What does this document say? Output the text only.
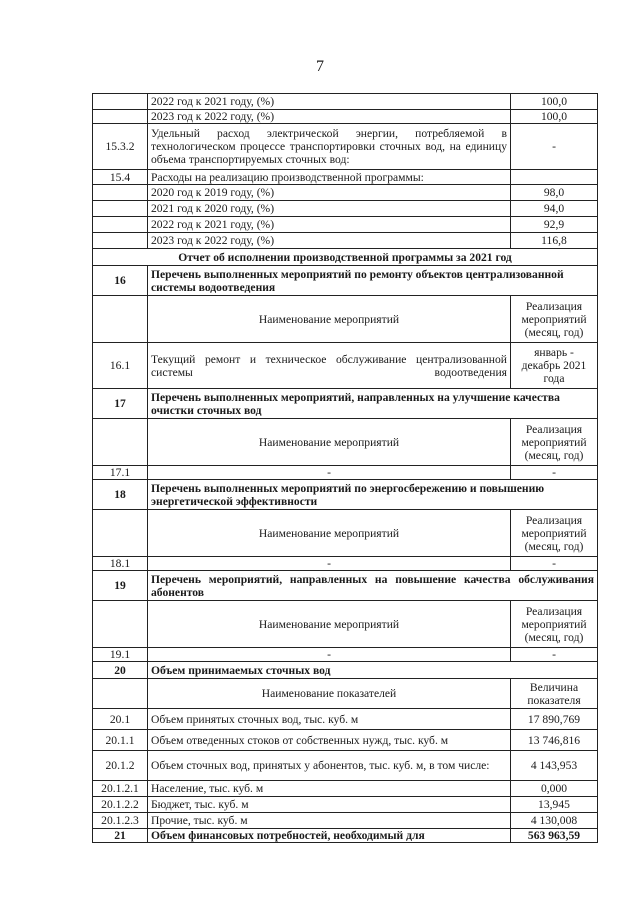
7
	2022 год к 2021 году, (%)	100,0
	2023 год к 2022 году, (%)	100,0
15.3.2	Удельный расход электрической энергии, потребляемой в технологическом процессе транспортировки сточных вод, на единицу объема транспортируемых сточных вод:	-
15.4	Расходы на реализацию производственной программы:	
	2020 год к 2019 году, (%)	98,0
	2021 год к 2020 году, (%)	94,0
	2022 год к 2021 году, (%)	92,9
	2023 год к 2022 году, (%)	116,8
Отчет об исполнении производственной программы за 2021 год		
16	Перечень выполненных мероприятий по ремонту объектов централизованной системы водоотведения	
	Наименование мероприятий	Реализация мероприятий (месяц, год)
16.1	Текущий ремонт и техническое обслуживание централизованной системы водоотведения	январь - декабрь 2021 года
17	Перечень выполненных мероприятий, направленных на улучшение качества очистки сточных вод	
	Наименование мероприятий	Реализация мероприятий (месяц, год)
17.1	-	-
18	Перечень выполненных мероприятий по энергосбережению и повышению энергетической эффективности	
	Наименование мероприятий	Реализация мероприятий (месяц, год)
18.1	-	-
19	Перечень мероприятий, направленных на повышение качества обслуживания абонентов	
	Наименование мероприятий	Реализация мероприятий (месяц, год)
19.1	-	-
20	Объем принимаемых сточных вод	
	Наименование показателей	Величина показателя
20.1	Объем принятых сточных вод, тыс. куб. м	17 890,769
20.1.1	Объем отведенных стоков от собственных нужд, тыс. куб. м	13 746,816
20.1.2	Объем сточных вод, принятых у абонентов, тыс. куб. м, в том числе:	4 143,953
20.1.2.1	Население, тыс. куб. м	0,000
20.1.2.2	Бюджет, тыс. куб. м	13,945
20.1.2.3	Прочие, тыс. куб. м	4 130,008
21	Объем финансовых потребностей, необходимый для	563 963,59
